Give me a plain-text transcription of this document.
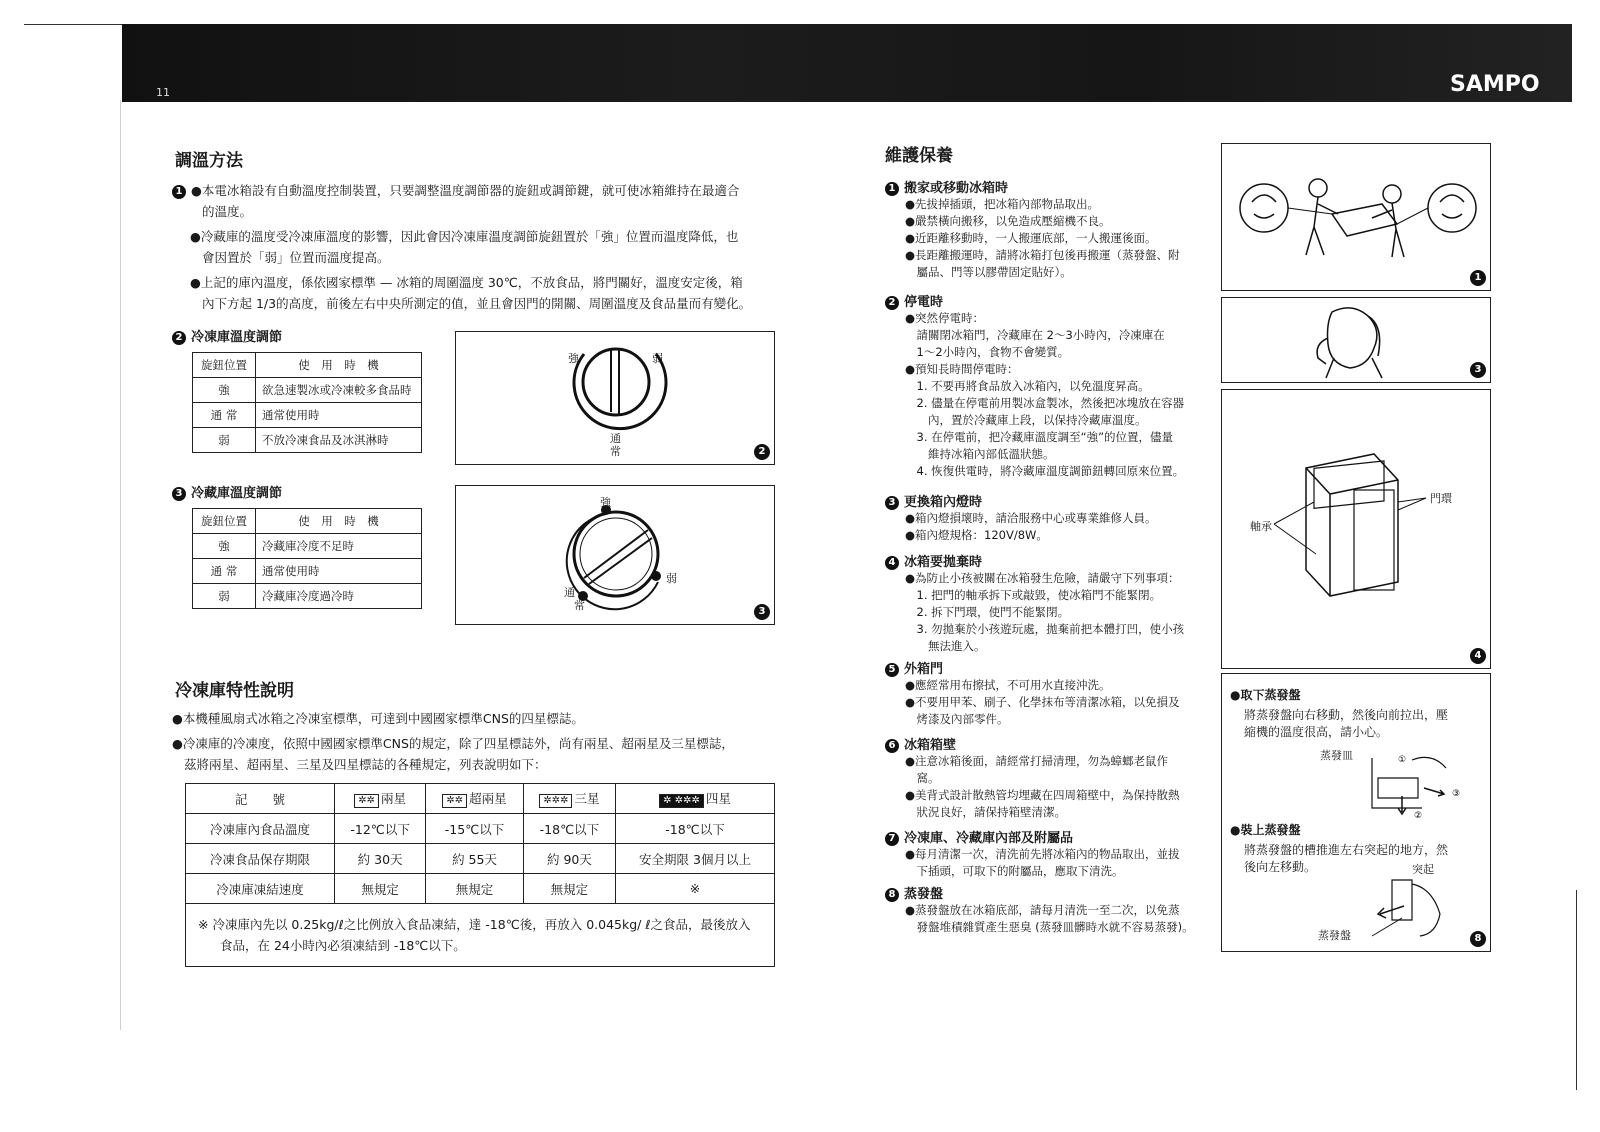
11	SAMPO
調溫方法

1 ●本電冰箱設有自動溫度控制裝置，只要調整溫度調節器的旋鈕或調節鍵，就可使冰箱維持在最適合

的溫度。

●冷藏庫的溫度受冷凍庫溫度的影響，因此會因冷凍庫溫度調節旋鈕置於「強」位置而溫度降低，也

會因置於「弱」位置而溫度提高。

●上記的庫內溫度，係依國家標準 — 冰箱的周圍溫度 30℃，不放食品，將門關好，溫度安定後，箱

內下方起 1/3的高度，前後左右中央所測定的值，並且會因門的開關、周圍溫度及食品量而有變化。

2 冷凍庫溫度調節
旋鈕位置	使　用　時　機
強	欲急速製冰或冷凍較多食品時
通 常	通常使用時
弱	不放冷凍食品及冰淇淋時
強	弱
通
常	2
3 冷藏庫溫度調節
旋鈕位置	使　用　時　機
強	冷藏庫冷度不足時
通 常	通常使用時
弱	冷藏庫冷度過冷時
強
弱
通
常	3
冷凍庫特性說明

●本機種風扇式冰箱之冷凍室標準，可達到中國國家標準CNS的四星標誌。

●冷凍庫的冷凍度，依照中國國家標準CNS的規定，除了四星標誌外，尚有兩星、超兩星及三星標誌，

茲將兩星、超兩星、三星及四星標誌的各種規定，列表說明如下：

記　　號	✲✲ 兩星	✲✲ 超兩星	✲✲✲ 三星	✲ ✲✲✲ 四星
冷凍庫內食品溫度	-12℃以下	-15℃以下	-18℃以下	-18℃以下
冷凍食品保存期限	約 30天	約 55天	約 90天	安全期限 3個月以上
冷凍庫凍結速度	無規定	無規定	無規定	※

※ 冷凍庫內先以 0.25kg/ℓ之比例放入食品凍結，達 -18℃後，再放入 0.045kg/ ℓ之食品，最後放入
食品，在 24小時內必須凍結到 -18℃以下。				
維護保養
1 搬家或移動冰箱時

●先拔掉插頭，把冰箱內部物品取出。

●嚴禁橫向搬移，以免造成壓縮機不良。

●近距離移動時，一人搬運底部，一人搬運後面。

●長距離搬運時，請將冰箱打包後再搬運（蒸發盤、附

　屬品、門等以膠帶固定貼好）。

2 停電時

●突然停電時：

　請關閉冰箱門，冷藏庫在 2～3小時內，冷凍庫在

　1～2小時內，食物不會變質。

●預知長時間停電時：

　1. 不要再將食品放入冰箱內，以免溫度昇高。

　2. 儘量在停電前用製冰盒製冰，然後把冰塊放在容器

　　內，置於冷藏庫上段，以保持冷藏庫溫度。

　3. 在停電前，把冷藏庫溫度調至“強”的位置，儘量

　　維持冰箱內部低溫狀態。

　4. 恢復供電時，將冷藏庫溫度調節鈕轉回原來位置。

3 更換箱內燈時

●箱內燈損壞時，請洽服務中心或專業維修人員。

●箱內燈規格：120V/8W。

4 冰箱要拋棄時

●為防止小孩被關在冰箱發生危險，請嚴守下列事項：

　1. 把門的軸承拆下或敲毀，使冰箱門不能緊閉。

　2. 拆下門環，使門不能緊閉。

　3. 勿拋棄於小孩遊玩處，拋棄前把本體打凹，使小孩

　　無法進入。

5 外箱門

●應經常用布擦拭，不可用水直接沖洗。

●不要用甲苯、刷子、化學抹布等清潔冰箱，以免損及

　烤漆及內部零件。

6 冰箱箱壁

●注意冰箱後面，請經常打掃清理，勿為蟑螂老鼠作

　窩。

●美背式設計散熱管均埋藏在四周箱壁中，為保持散熱

　狀況良好，請保持箱壁清潔。

7 冷凍庫、冷藏庫內部及附屬品

●每月清潔一次，清洗前先將冰箱內的物品取出，並拔

　下插頭，可取下的附屬品，應取下清洗。

8 蒸發盤

●蒸發盤放在冰箱底部，請每月清洗一至二次，以免蒸

　發盤堆積雜質產生惡臭 (蒸發皿髒時水就不容易蒸發)。

1
3
軸承
門環
4
●取下蒸發盤
將蒸發盤向右移動，然後向前拉出，壓
縮機的溫度很高，請小心。
蒸發皿	①
③
②
●裝上蒸發盤
將蒸發盤的槽推進左右突起的地方，然
後向左移動。	突起
蒸發盤	8
